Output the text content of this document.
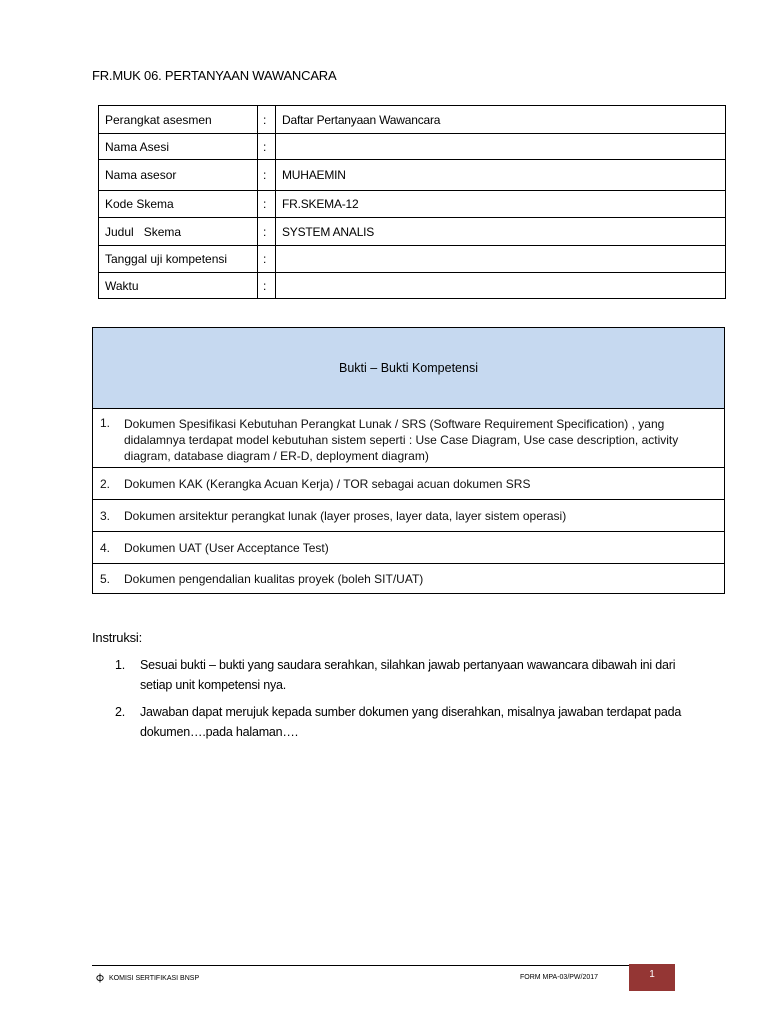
FR.MUK 06. PERTANYAAN WAWANCARA
Perangkat asesmen	:	Daftar Pertanyaan Wawancara
Nama Asesi	:	
Nama asesor	:	MUHAEMIN
Kode Skema	:	FR.SKEMA-12
Judul   Skema	:	SYSTEM ANALIS
Tanggal uji kompetensi	:	
Waktu	:	
Bukti – Bukti Kompetensi
1.	Dokumen Spesifikasi Kebutuhan Perangkat Lunak / SRS (Software Requirement Specification) , yang didalamnya terdapat model kebutuhan sistem seperti : Use Case Diagram, Use case description, activity diagram, database diagram / ER-D, deployment diagram)
2.	Dokumen KAK (Kerangka Acuan Kerja) / TOR sebagai acuan dokumen SRS
3.	Dokumen arsitektur perangkat lunak (layer proses, layer data, layer sistem operasi)
4.	Dokumen UAT (User Acceptance Test)
5.	Dokumen pengendalian kualitas proyek (boleh SIT/UAT)
Instruksi:
1.	Sesuai bukti – bukti yang saudara serahkan, silahkan jawab pertanyaan wawancara dibawah ini dari setiap unit kompetensi nya.
2.	Jawaban dapat merujuk kepada sumber dokumen yang diserahkan, misalnya jawaban terdapat pada dokumen….pada halaman….
KOMISI SERTIFIKASI BNSP	FORM MPA-03/PW/2017	1
